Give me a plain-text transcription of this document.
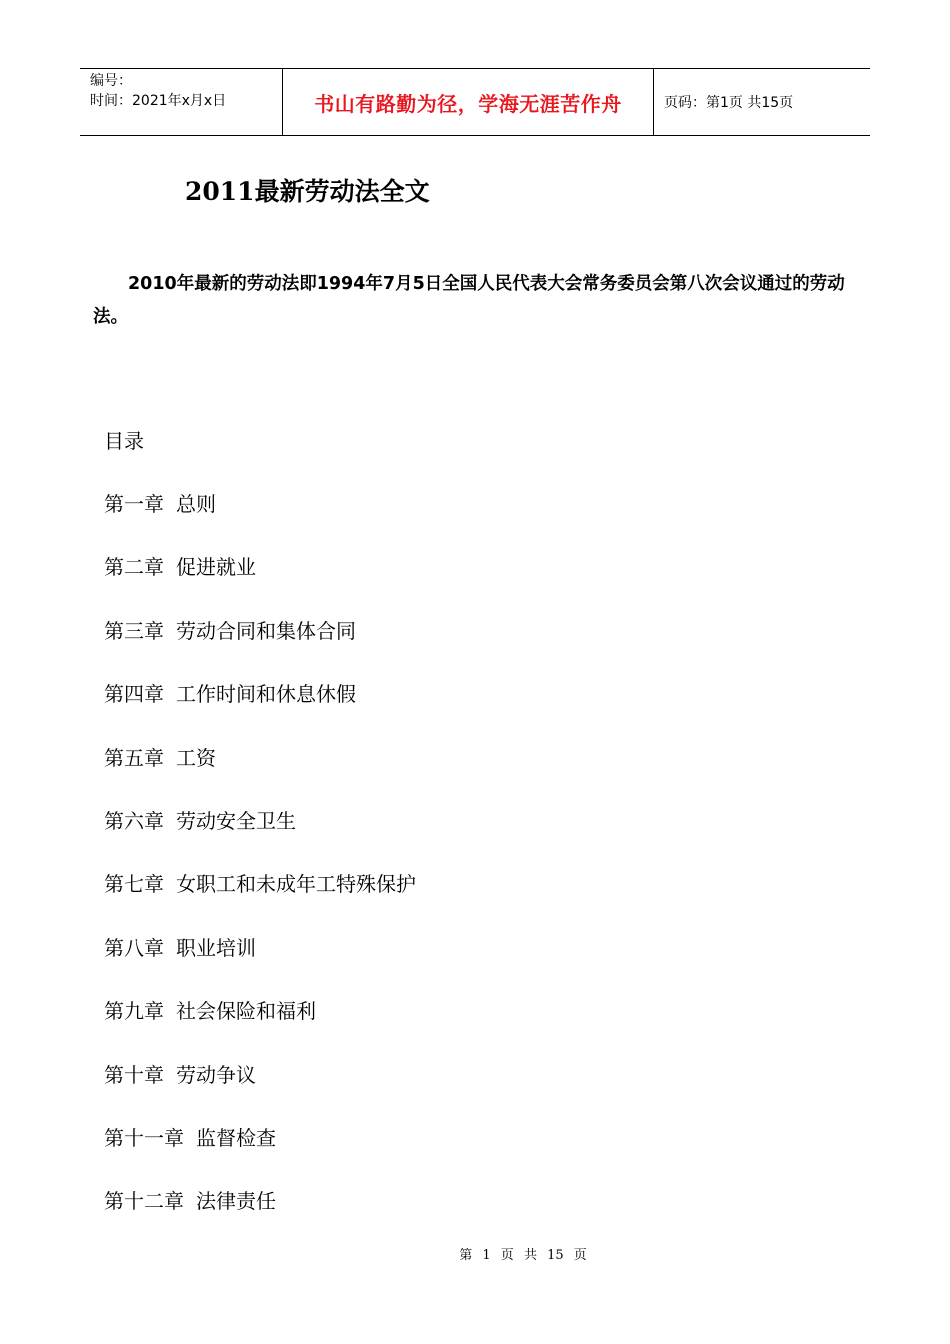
编号：
时间：2021年x月x日	书山有路勤为径，学海无涯苦作舟	页码：第1页 共15页
2011最新劳动法全文

2010年最新的劳动法即1994年7月5日全国人民代表大会常务委员会第八次会议通过的劳动法。

目录
第一章 总则
第二章 促进就业
第三章 劳动合同和集体合同
第四章 工作时间和休息休假
第五章 工资
第六章 劳动安全卫生
第七章 女职工和未成年工特殊保护
第八章 职业培训
第九章 社会保险和福利
第十章 劳动争议
第十一章 监督检查
第十二章 法律责任
第 1 页 共 15 页
